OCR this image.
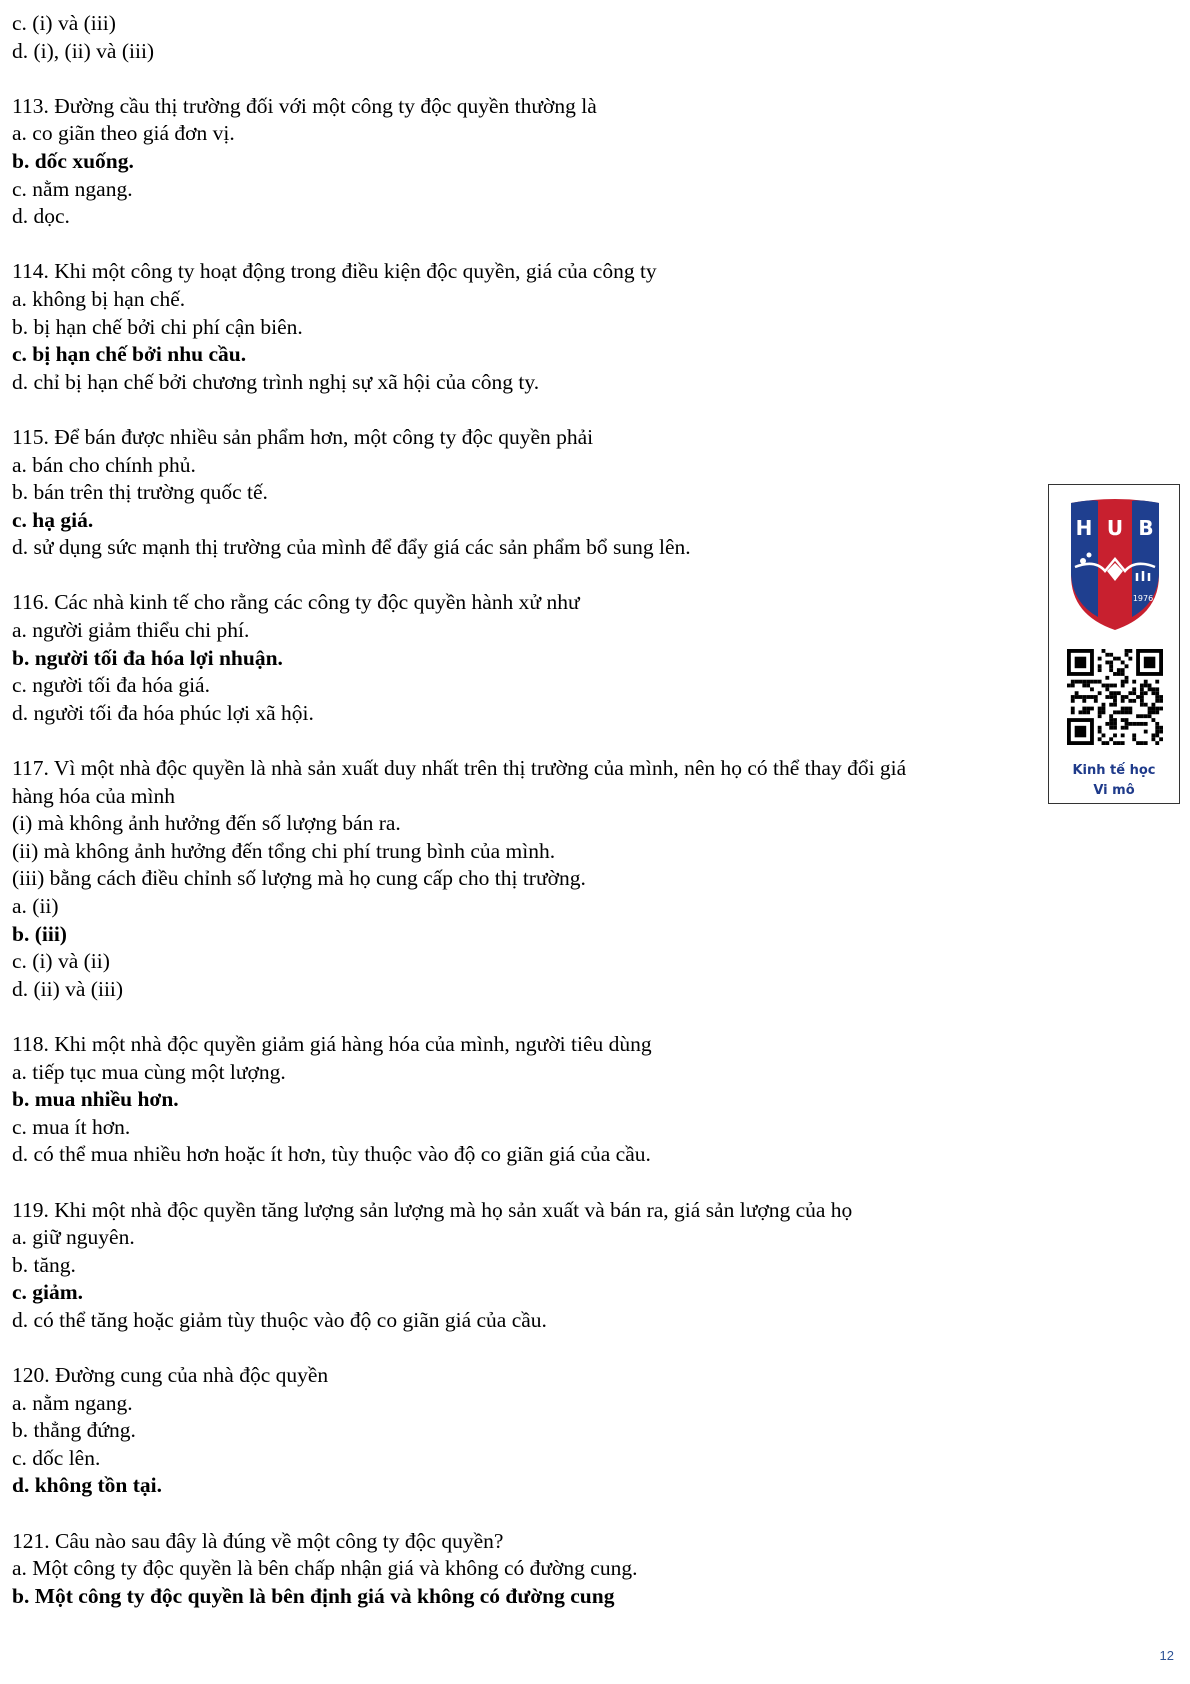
c. (i) và (iii)
d. (i), (ii) và (iii)
113. Đường cầu thị trường đối với một công ty độc quyền thường là
a. co giãn theo giá đơn vị.
b. dốc xuống.
c. nằm ngang.
d. dọc.
114. Khi một công ty hoạt động trong điều kiện độc quyền, giá của công ty
a. không bị hạn chế.
b. bị hạn chế bởi chi phí cận biên.
c. bị hạn chế bởi nhu cầu.
d. chỉ bị hạn chế bởi chương trình nghị sự xã hội của công ty.
115. Để bán được nhiều sản phẩm hơn, một công ty độc quyền phải
a. bán cho chính phủ.
b. bán trên thị trường quốc tế.
c. hạ giá.
d. sử dụng sức mạnh thị trường của mình để đẩy giá các sản phẩm bổ sung lên.
116. Các nhà kinh tế cho rằng các công ty độc quyền hành xử như
a. người giảm thiểu chi phí.
b. người tối đa hóa lợi nhuận.
c. người tối đa hóa giá.
d. người tối đa hóa phúc lợi xã hội.
117. Vì một nhà độc quyền là nhà sản xuất duy nhất trên thị trường của mình, nên họ có thể thay đổi giá
hàng hóa của mình
(i) mà không ảnh hưởng đến số lượng bán ra.
(ii) mà không ảnh hưởng đến tổng chi phí trung bình của mình.
(iii) bằng cách điều chỉnh số lượng mà họ cung cấp cho thị trường.
a. (ii)
b. (iii)
c. (i) và (ii)
d. (ii) và (iii)
118. Khi một nhà độc quyền giảm giá hàng hóa của mình, người tiêu dùng
a. tiếp tục mua cùng một lượng.
b. mua nhiều hơn.
c. mua ít hơn.
d. có thể mua nhiều hơn hoặc ít hơn, tùy thuộc vào độ co giãn giá của cầu.
119. Khi một nhà độc quyền tăng lượng sản lượng mà họ sản xuất và bán ra, giá sản lượng của họ
a. giữ nguyên.
b. tăng.
c. giảm.
d. có thể tăng hoặc giảm tùy thuộc vào độ co giãn giá của cầu.
120. Đường cung của nhà độc quyền
a. nằm ngang.
b. thẳng đứng.
c. dốc lên.
d. không tồn tại.
121. Câu nào sau đây là đúng về một công ty độc quyền?
a. Một công ty độc quyền là bên chấp nhận giá và không có đường cung.
b. Một công ty độc quyền là bên định giá và không có đường cung
H U B
1976
Kinh tế học
Vi mô
12
